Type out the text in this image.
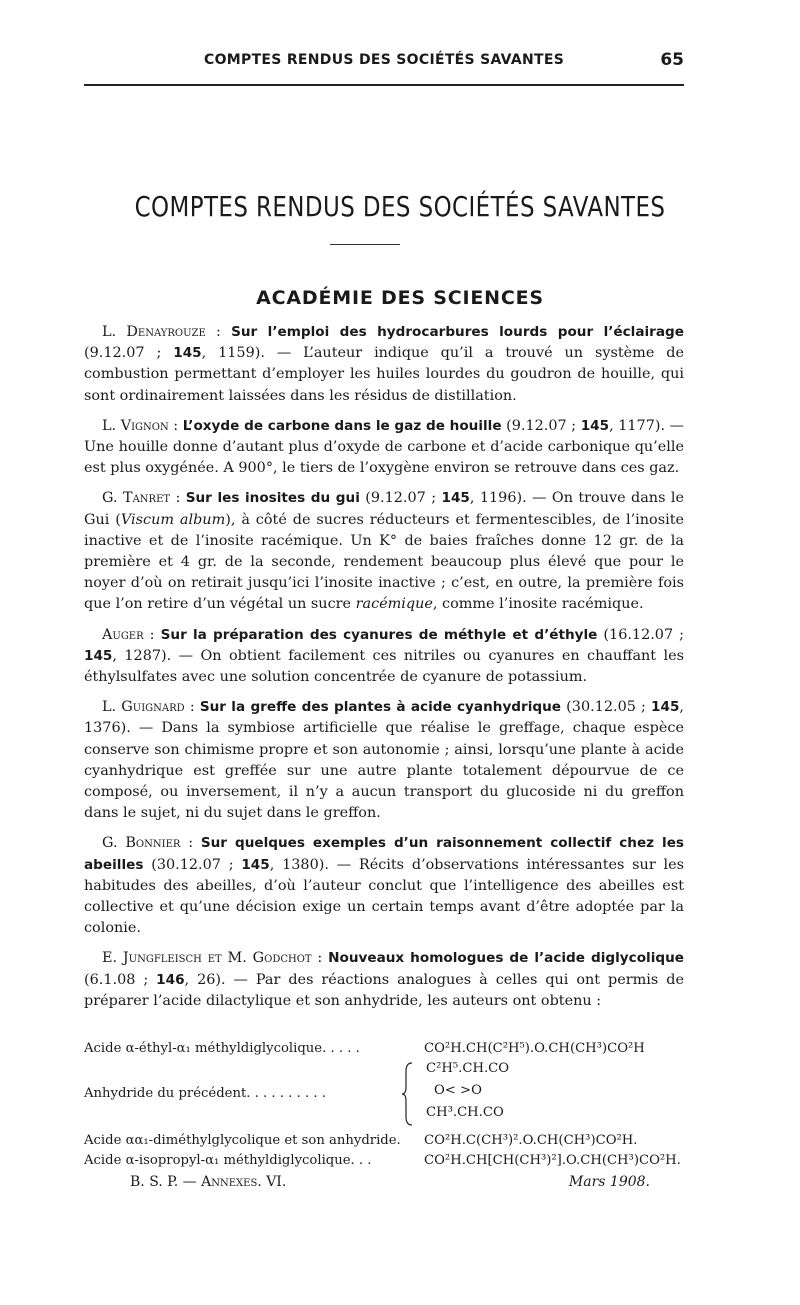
COMPTES RENDUS DES SOCIÉTÉS SAVANTES	65
COMPTES RENDUS DES SOCIÉTÉS SAVANTES
ACADÉMIE DES SCIENCES

L. Denayrouze : Sur l’emploi des hydrocarbures lourds pour l’éclairage (9.12.07 ; 145, 1159). — L’auteur indique qu’il a trouvé un système de combustion permettant d’employer les huiles lourdes du goudron de houille, qui sont ordinairement laissées dans les résidus de distillation.

L. Vignon : L’oxyde de carbone dans le gaz de houille (9.12.07 ; 145, 1177). — Une houille donne d’autant plus d’oxyde de carbone et d’acide carbonique qu’elle est plus oxygénée. A 900°, le tiers de l’oxygène environ se retrouve dans ces gaz.

G. Tanret : Sur les inosites du gui (9.12.07 ; 145, 1196). — On trouve dans le Gui (Viscum album), à côté de sucres réducteurs et fermentescibles, de l’inosite inactive et de l’inosite racémique. Un K° de baies fraîches donne 12 gr. de la première et 4 gr. de la seconde, rendement beaucoup plus élevé que pour le noyer d’où on retirait jusqu’ici l’inosite inactive ; c’est, en outre, la première fois que l’on retire d’un végétal un sucre racémique, comme l’inosite racémique.

Auger : Sur la préparation des cyanures de méthyle et d’éthyle (16.12.07 ; 145, 1287). — On obtient facilement ces nitriles ou cyanures en chauffant les éthylsulfates avec une solution concentrée de cyanure de potassium.

L. Guignard : Sur la greffe des plantes à acide cyanhydrique (30.12.05 ; 145, 1376). — Dans la symbiose artificielle que réalise le greffage, chaque espèce conserve son chimisme propre et son autonomie ; ainsi, lorsqu’une plante à acide cyanhydrique est greffée sur une autre plante totalement dépourvue de ce composé, ou inversement, il n’y a aucun transport du glucoside ni du greffon dans le sujet, ni du sujet dans le greffon.

G. Bonnier : Sur quelques exemples d’un raisonnement collectif chez les abeilles (30.12.07 ; 145, 1380). — Récits d’observations intéressantes sur les habitudes des abeilles, d’où l’auteur conclut que l’intelligence des abeilles est collective et qu’une décision exige un certain temps avant d’être adoptée par la colonie.

E. Jungfleisch et M. Godchot : Nouveaux homologues de l’acide diglycolique (6.1.08 ; 146, 26). — Par des réactions analogues à celles qui ont permis de préparer l’acide dilactylique et son anhydride, les auteurs ont obtenu :

Acide α-éthyl-α₁ méthyldiglycolique. . . . .	CO²H.CH(C²H⁵).O.CH(CH³)CO²H
Anhydride du précédent. . . . . . . . . .
C²H⁵.CH.CO
O< >O
CH³.CH.CO
Acide αα₁-diméthylglycolique et son anhydride. CO²H.C(CH³)².O.CH(CH³)CO²H.
Acide α-isopropyl-α₁ méthyldiglycolique. . .	CO²H.CH[CH(CH³)²].O.CH(CH³)CO²H.
B. S. P. — Annexes. VI.	Mars 1908.
